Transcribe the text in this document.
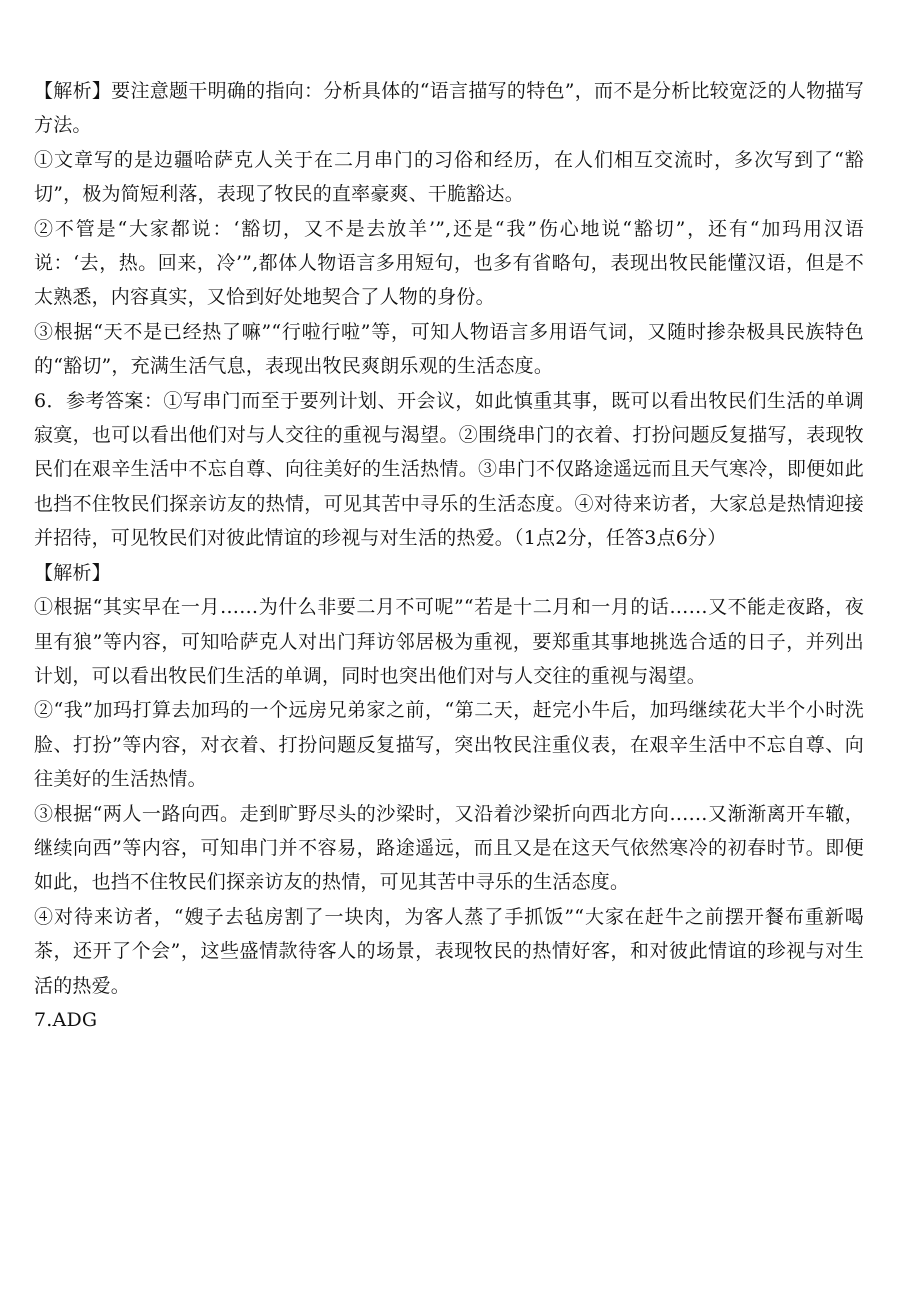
【解析】要注意题干明确的指向：分析具体的“语言描写的特色”，而不是分析比较宽泛的人物描写方法。

①文章写的是边疆哈萨克人关于在二月串门的习俗和经历，在人们相互交流时，多次写到了“豁切”，极为简短利落，表现了牧民的直率豪爽、干脆豁达。

②不管是“大家都说：‘豁切，又不是去放羊’”,还是“我”伤心地说“豁切”，还有“加玛用汉语说：‘去，热。回来，冷’”,都体人物语言多用短句，也多有省略句，表现出牧民能懂汉语，但是不太熟悉，内容真实，又恰到好处地契合了人物的身份。

③根据“天不是已经热了嘛”“行啦行啦”等，可知人物语言多用语气词，又随时掺杂极具民族特色的“豁切”，充满生活气息，表现出牧民爽朗乐观的生活态度。

6．参考答案：①写串门而至于要列计划、开会议，如此慎重其事，既可以看出牧民们生活的单调寂寞，也可以看出他们对与人交往的重视与渴望。②围绕串门的衣着、打扮问题反复描写，表现牧民们在艰辛生活中不忘自尊、向往美好的生活热情。③串门不仅路途遥远而且天气寒冷，即便如此也挡不住牧民们探亲访友的热情，可见其苦中寻乐的生活态度。④对待来访者，大家总是热情迎接并招待，可见牧民们对彼此情谊的珍视与对生活的热爱。（1点2分，任答3点6分）

【解析】

①根据“其实早在一月……为什么非要二月不可呢”“若是十二月和一月的话……又不能走夜路，夜里有狼”等内容，可知哈萨克人对出门拜访邻居极为重视，要郑重其事地挑选合适的日子，并列出计划，可以看出牧民们生活的单调，同时也突出他们对与人交往的重视与渴望。

②“我”加玛打算去加玛的一个远房兄弟家之前，“第二天，赶完小牛后，加玛继续花大半个小时洗脸、打扮”等内容，对衣着、打扮问题反复描写，突出牧民注重仪表，在艰辛生活中不忘自尊、向往美好的生活热情。

③根据“两人一路向西。走到旷野尽头的沙梁时，又沿着沙梁折向西北方向……又渐渐离开车辙，继续向西”等内容，可知串门并不容易，路途遥远，而且又是在这天气依然寒冷的初春时节。即便如此，也挡不住牧民们探亲访友的热情，可见其苦中寻乐的生活态度。

④对待来访者，“嫂子去毡房割了一块肉，为客人蒸了手抓饭”“大家在赶牛之前摆开餐布重新喝茶，还开了个会”，这些盛情款待客人的场景，表现牧民的热情好客，和对彼此情谊的珍视与对生活的热爱。

7.ADG
